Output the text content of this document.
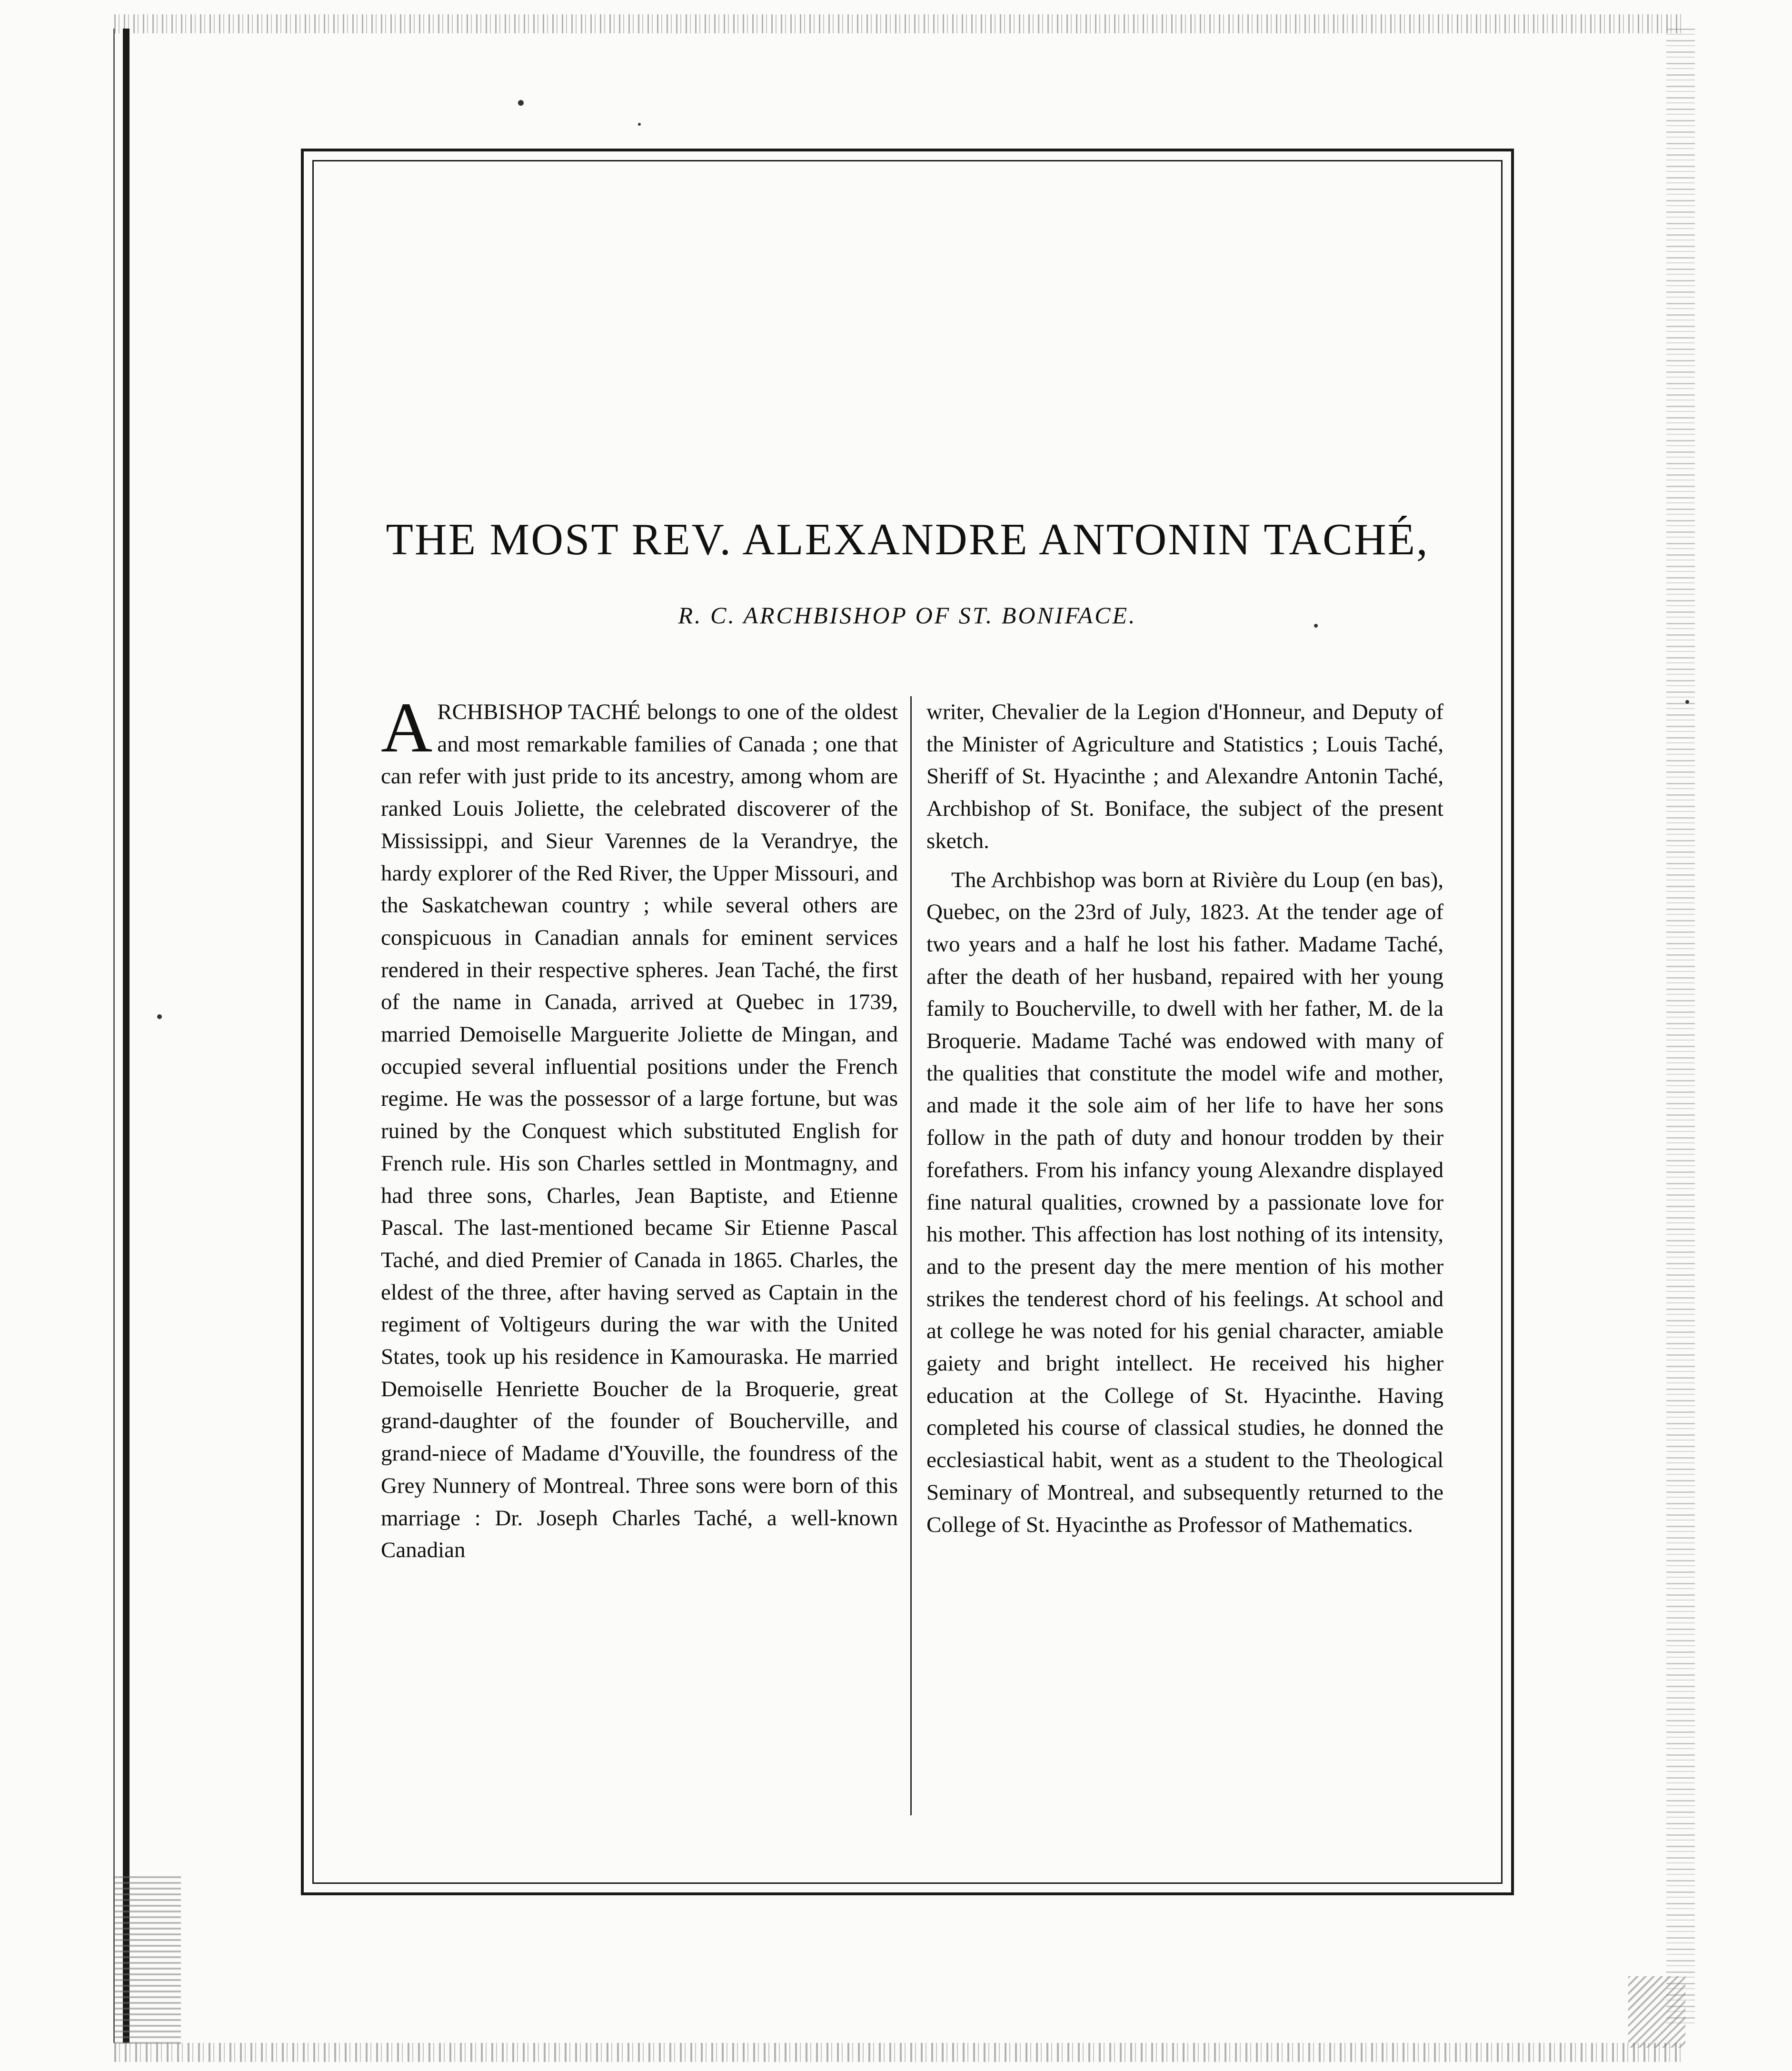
THE MOST REV. ALEXANDRE ANTONIN TACHÉ,
R. C. ARCHBISHOP OF ST. BONIFACE.

ARCHBISHOP TACHÉ belongs to one of the oldest and most remarkable families of Canada ; one that can refer with just pride to its ancestry, among whom are ranked Louis Joliette, the celebrated discoverer of the Mississippi, and Sieur Varennes de la Verandrye, the hardy explorer of the Red River, the Upper Missouri, and the Saskatchewan country ; while several others are conspicuous in Canadian annals for eminent services rendered in their respective spheres. Jean Taché, the first of the name in Canada, arrived at Quebec in 1739, married Demoiselle Marguerite Joliette de Mingan, and occupied several influential positions under the French regime. He was the possessor of a large fortune, but was ruined by the Conquest which substituted English for French rule. His son Charles settled in Montmagny, and had three sons, Charles, Jean Baptiste, and Etienne Pascal. The last-mentioned became Sir Etienne Pascal Taché, and died Premier of Canada in 1865. Charles, the eldest of the three, after having served as Captain in the regiment of Voltigeurs during the war with the United States, took up his residence in Kamouraska. He married Demoiselle Henriette Boucher de la Broquerie, great grand-daughter of the founder of Boucherville, and grand-niece of Madame d'Youville, the foundress of the Grey Nunnery of Montreal. Three sons were born of this marriage : Dr. Joseph Charles Taché, a well-known Canadian

writer, Chevalier de la Legion d'Honneur, and Deputy of the Minister of Agriculture and Statistics ; Louis Taché, Sheriff of St. Hyacinthe ; and Alexandre Antonin Taché, Archbishop of St. Boniface, the subject of the present sketch.

The Archbishop was born at Rivière du Loup (en bas), Quebec, on the 23rd of July, 1823. At the tender age of two years and a half he lost his father. Madame Taché, after the death of her husband, repaired with her young family to Boucherville, to dwell with her father, M. de la Broquerie. Madame Taché was endowed with many of the qualities that constitute the model wife and mother, and made it the sole aim of her life to have her sons follow in the path of duty and honour trodden by their forefathers. From his infancy young Alexandre displayed fine natural qualities, crowned by a passionate love for his mother. This affection has lost nothing of its intensity, and to the present day the mere mention of his mother strikes the tenderest chord of his feelings. At school and at college he was noted for his genial character, amiable gaiety and bright intellect. He received his higher education at the College of St. Hyacinthe. Having completed his course of classical studies, he donned the ecclesiastical habit, went as a student to the Theological Seminary of Montreal, and subsequently returned to the College of St. Hyacinthe as Professor of Mathematics.
